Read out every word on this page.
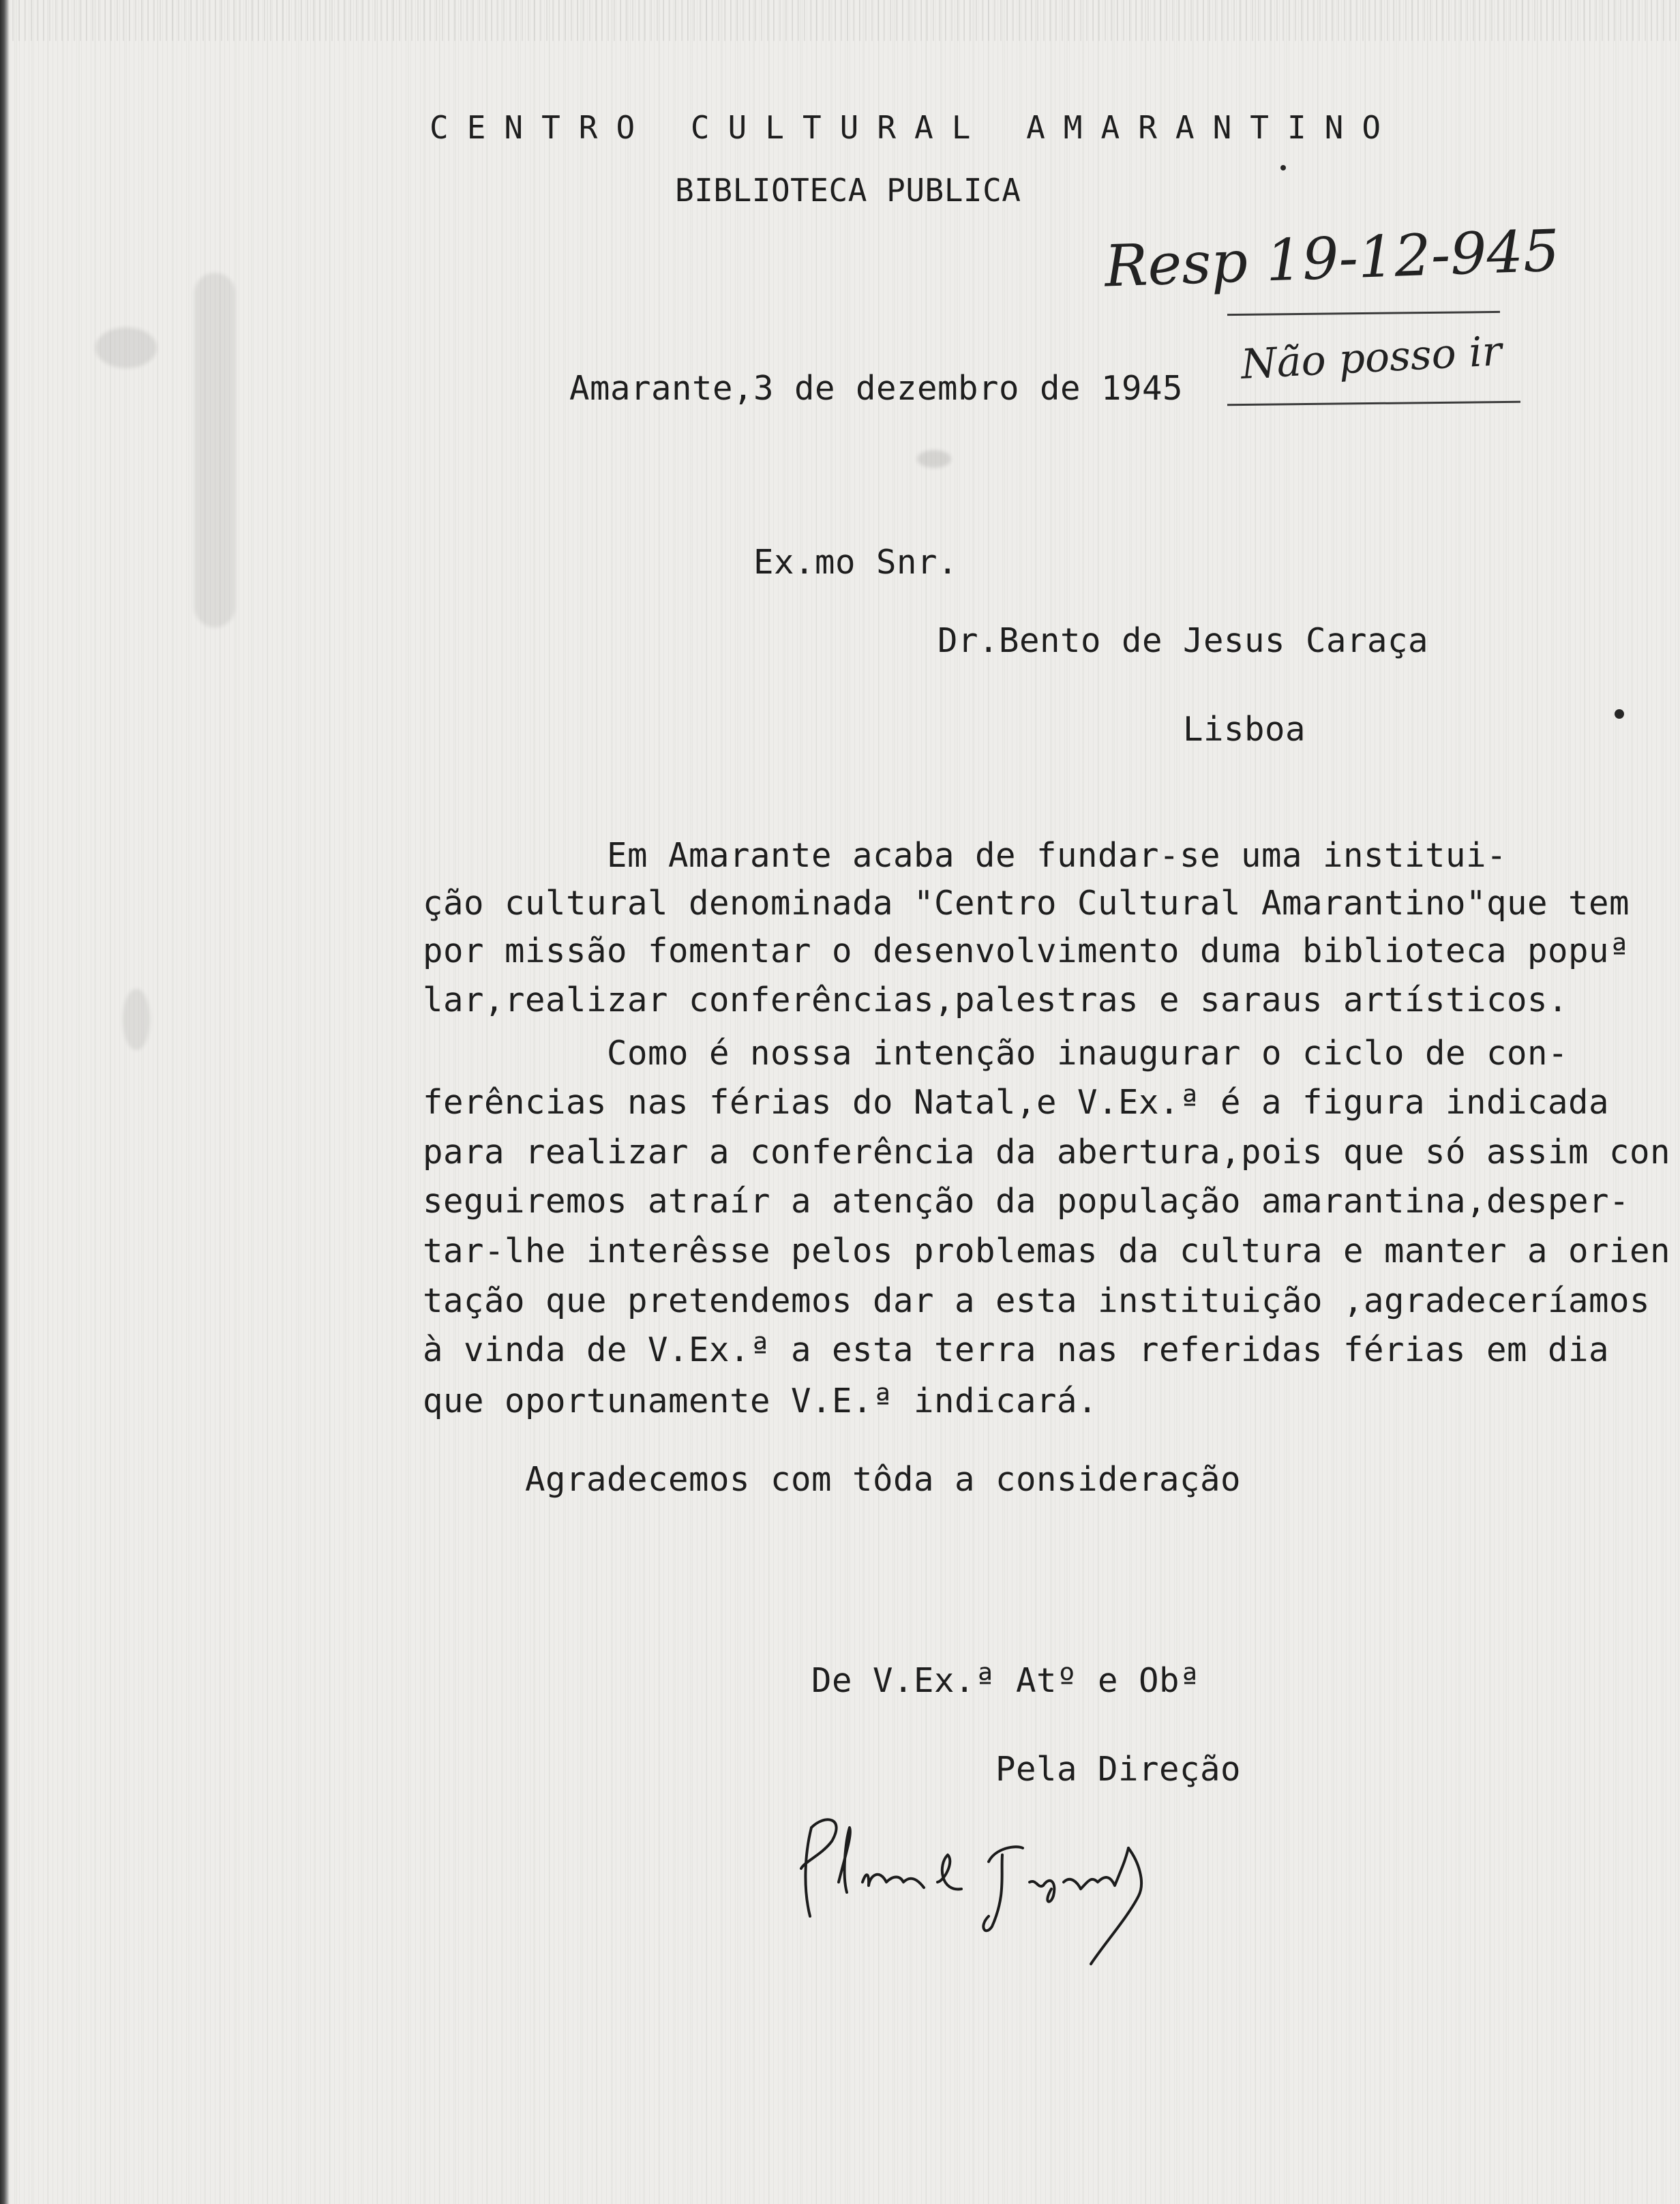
CENTRO CULTURAL AMARANTINO
BIBLIOTECA PUBLICA
Resp 19-12-945
Não posso ir
Amarante,3 de dezembro de 1945
Ex.mo Snr.
Dr.Bento de Jesus Caraça
Lisboa
Em Amarante acaba de fundar-se uma institui-
ção cultural denominada "Centro Cultural Amarantino"que tem
por missão fomentar o desenvolvimento duma biblioteca popuª
lar,realizar conferências,palestras e saraus artísticos.
Como é nossa intenção inaugurar o ciclo de con-
ferências nas férias do Natal,e V.Ex.ª é a figura indicada
para realizar a conferência da abertura,pois que só assim con
seguiremos atraír a atenção da população amarantina,desper-
tar-lhe interêsse pelos problemas da cultura e manter a orien
tação que pretendemos dar a esta instituição ,agradeceríamos
à vinda de V.Ex.ª a esta terra nas referidas férias em dia
que oportunamente V.E.ª indicará.
Agradecemos com tôda a consideração
De V.Ex.ª Atº e Obª
Pela Direção
